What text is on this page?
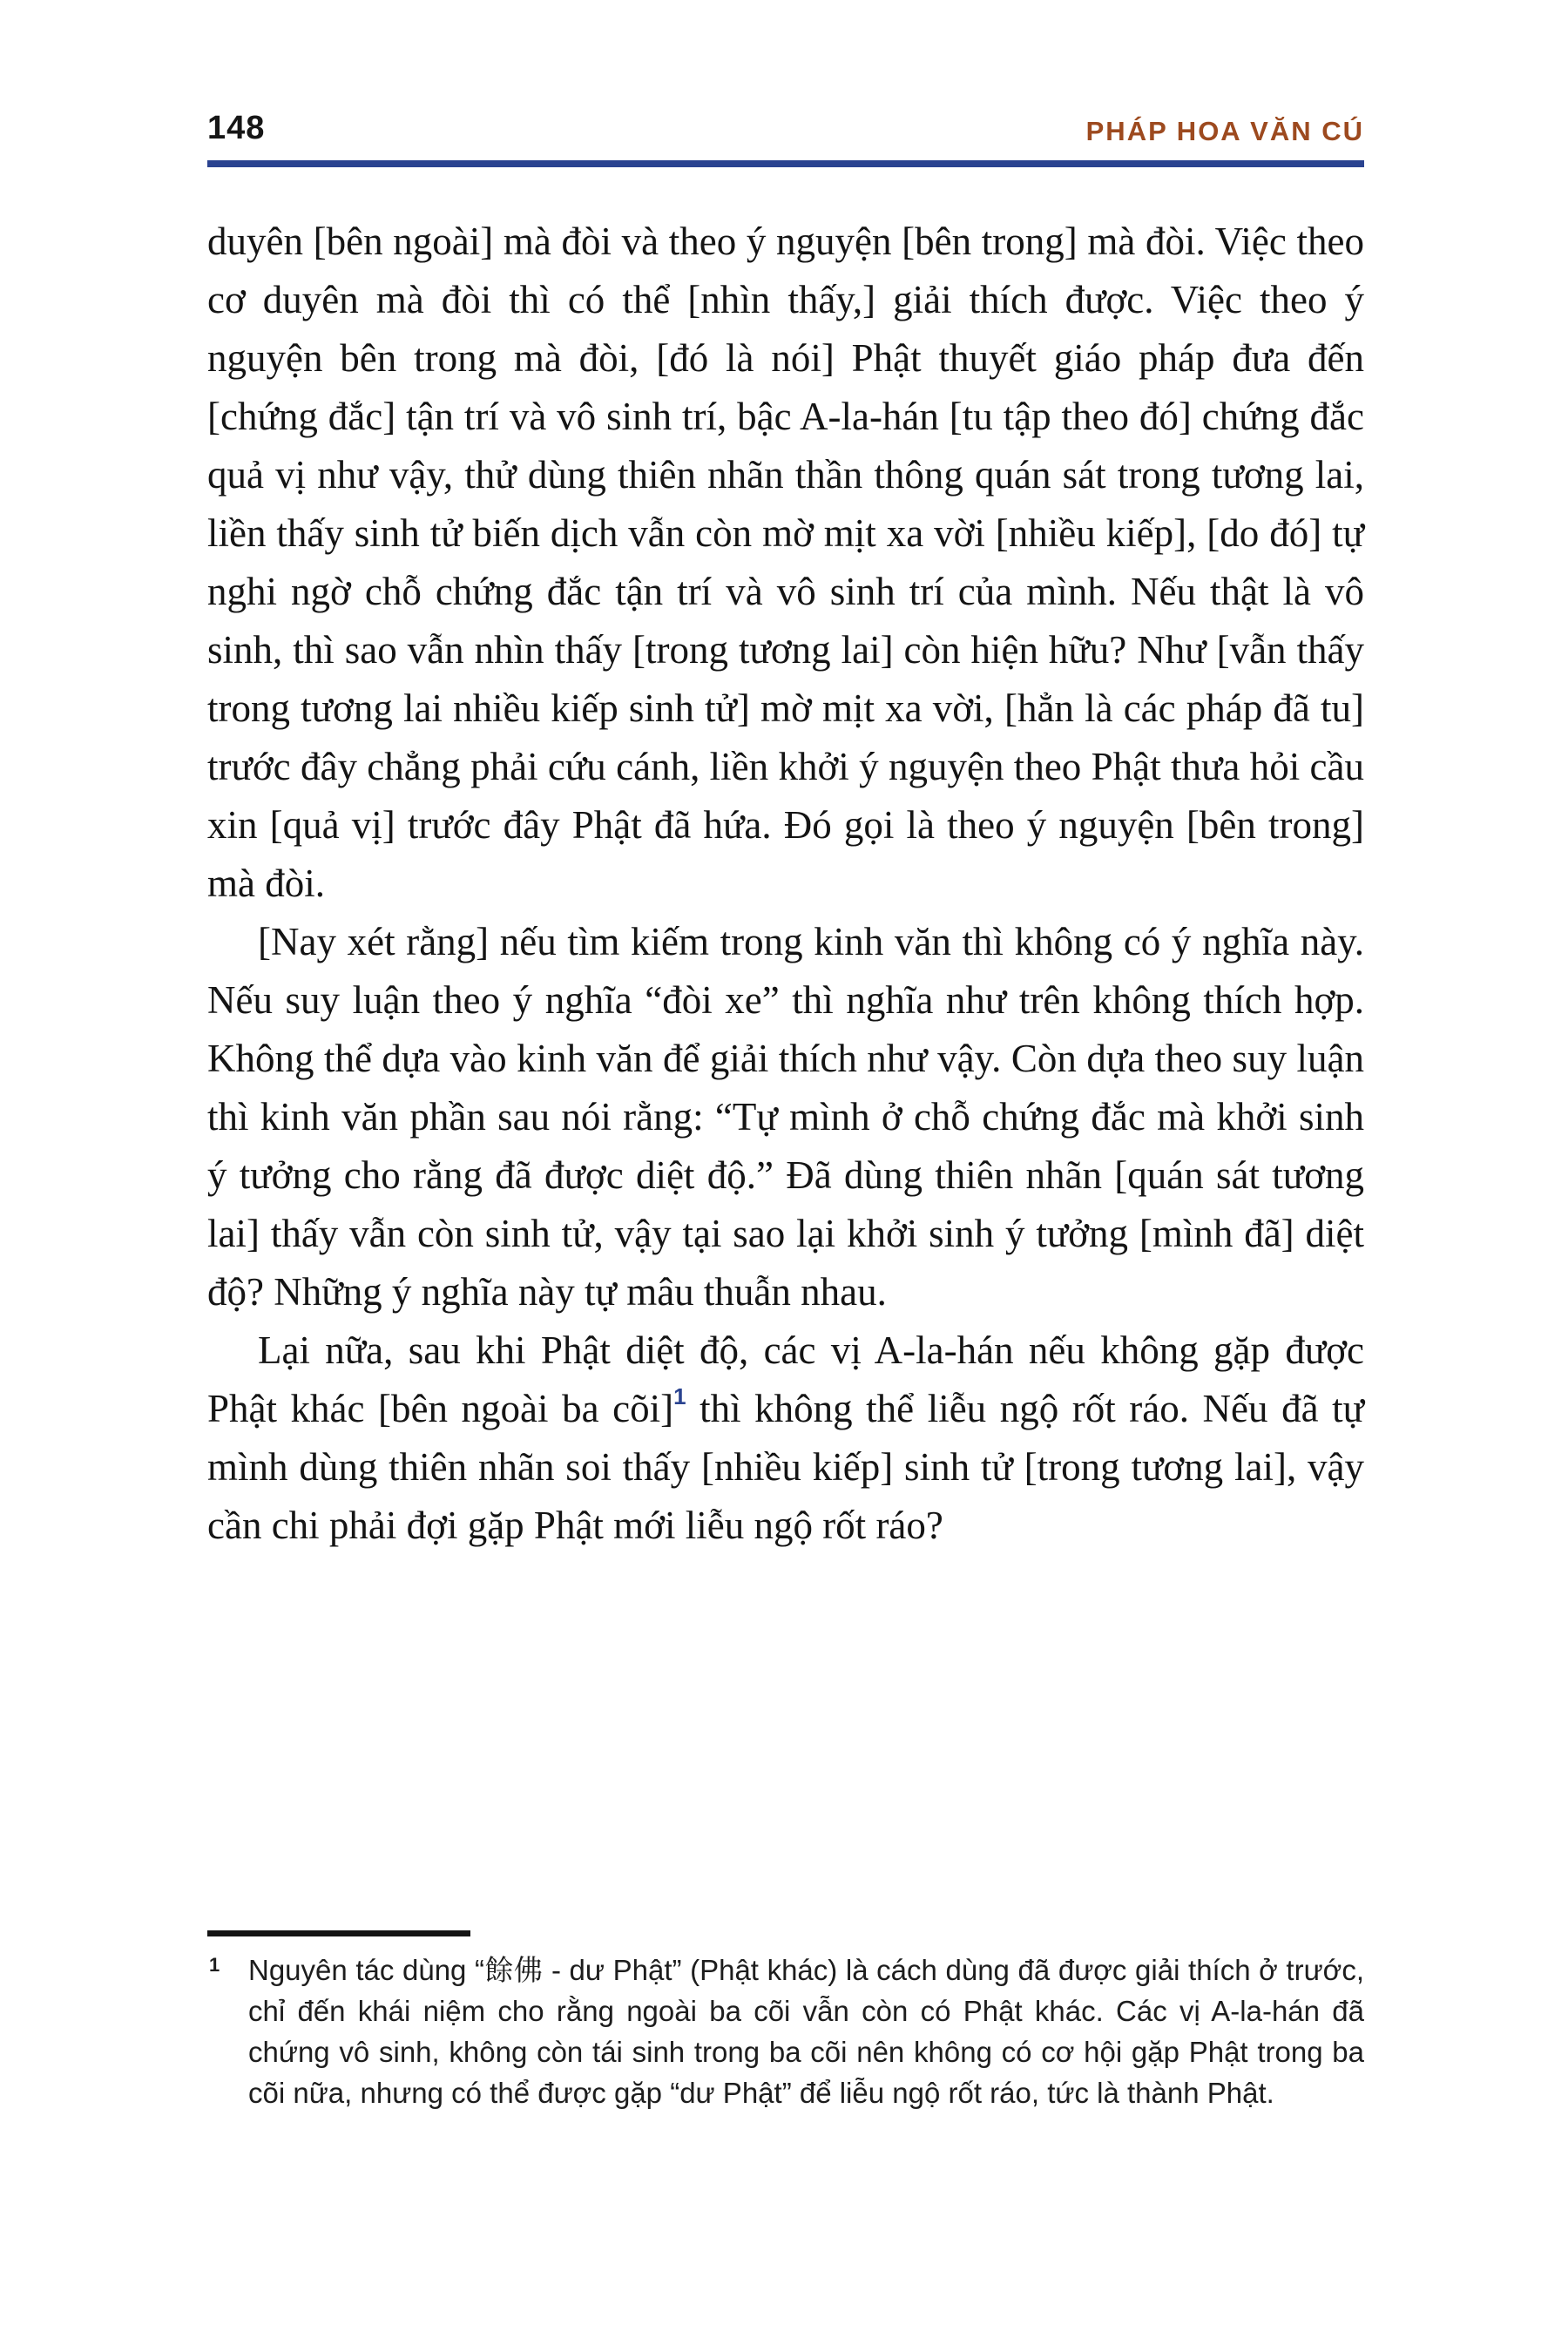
148	PHÁP HOA VĂN CÚ

duyên [bên ngoài] mà đòi và theo ý nguyện [bên trong] mà đòi. Việc theo cơ duyên mà đòi thì có thể [nhìn thấy,] giải thích được. Việc theo ý nguyện bên trong mà đòi, [đó là nói] Phật thuyết giáo pháp đưa đến [chứng đắc] tận trí và vô sinh trí, bậc A-la-hán [tu tập theo đó] chứng đắc quả vị như vậy, thử dùng thiên nhãn thần thông quán sát trong tương lai, liền thấy sinh tử biến dịch vẫn còn mờ mịt xa vời [nhiều kiếp], [do đó] tự nghi ngờ chỗ chứng đắc tận trí và vô sinh trí của mình. Nếu thật là vô sinh, thì sao vẫn nhìn thấy [trong tương lai] còn hiện hữu? Như [vẫn thấy trong tương lai nhiều kiếp sinh tử] mờ mịt xa vời, [hẳn là các pháp đã tu] trước đây chẳng phải cứu cánh, liền khởi ý nguyện theo Phật thưa hỏi cầu xin [quả vị] trước đây Phật đã hứa. Đó gọi là theo ý nguyện [bên trong] mà đòi.

[Nay xét rằng] nếu tìm kiếm trong kinh văn thì không có ý nghĩa này. Nếu suy luận theo ý nghĩa “đòi xe” thì nghĩa như trên không thích hợp. Không thể dựa vào kinh văn để giải thích như vậy. Còn dựa theo suy luận thì kinh văn phần sau nói rằng: “Tự mình ở chỗ chứng đắc mà khởi sinh ý tưởng cho rằng đã được diệt độ.” Đã dùng thiên nhãn [quán sát tương lai] thấy vẫn còn sinh tử, vậy tại sao lại khởi sinh ý tưởng [mình đã] diệt độ? Những ý nghĩa này tự mâu thuẫn nhau.

Lại nữa, sau khi Phật diệt độ, các vị A-la-hán nếu không gặp được Phật khác [bên ngoài ba cõi]$^1$ thì không thể liễu ngộ rốt ráo. Nếu đã tự mình dùng thiên nhãn soi thấy [nhiều kiếp] sinh tử [trong tương lai], vậy cần chi phải đợi gặp Phật mới liễu ngộ rốt ráo?

1 Nguyên tác dùng “餘佛 - dư Phật” (Phật khác) là cách dùng đã được giải thích ở trước, chỉ đến khái niệm cho rằng ngoài ba cõi vẫn còn có Phật khác. Các vị A-la-hán đã chứng vô sinh, không còn tái sinh trong ba cõi nên không có cơ hội gặp Phật trong ba cõi nữa, nhưng có thể được gặp “dư Phật” để liễu ngộ rốt ráo, tức là thành Phật.
